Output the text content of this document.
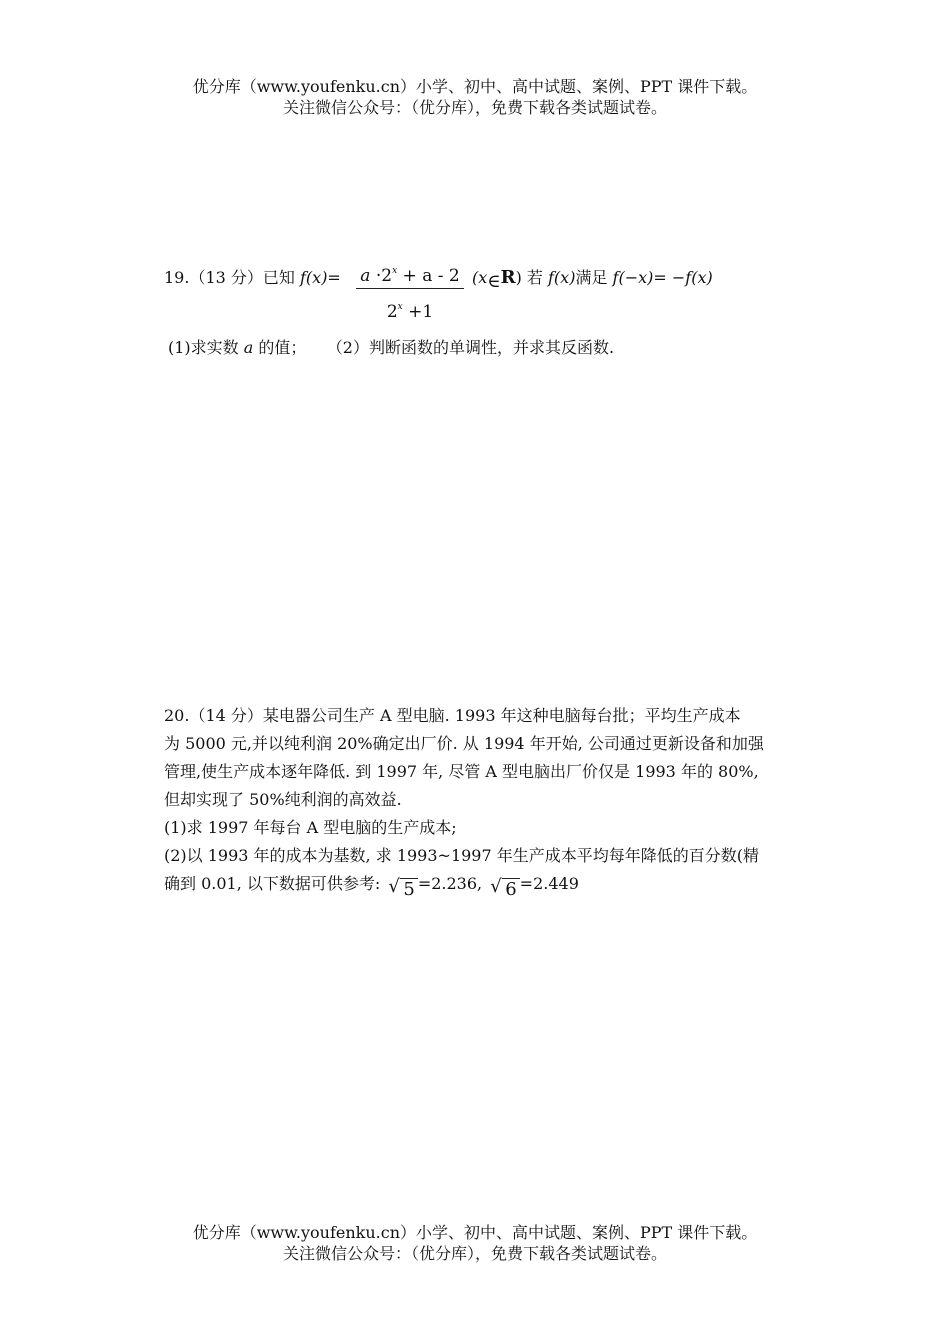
优分库（www.youfenku.cn）小学、初中、高中试题、案例、PPT 课件下载。
关注微信公众号：（优分库），免费下载各类试题试卷。
19.（13 分）已知 $f(x)= a \cdot 2^x + a - 2$
$2^x +1$
(x∈R) 若 f(x)满足 f(−x)= −f(x)
(1)求实数 a 的值； （2）判断函数的单调性，并求其反函数.

20.（14 分）某电器公司生产 A 型电脑. 1993 年这种电脑每台批；平均生产成本

为 5000 元,并以纯利润 20%确定出厂价. 从 1994 年开始, 公司通过更新设备和加强

管理,使生产成本逐年降低. 到 1997 年, 尽管 A 型电脑出厂价仅是 1993 年的 80%,

但却实现了 50%纯利润的高效益.

(1)求 1997 年每台 A 型电脑的生产成本;

(2)以 1993 年的成本为基数, 求 1993~1997 年生产成本平均每年降低的百分数(精

确到 0.01, 以下数据可供参考: √ 5 =2.236, √ 6 =2.449

优分库（www.youfenku.cn）小学、初中、高中试题、案例、PPT 课件下载。
关注微信公众号：（优分库），免费下载各类试题试卷。
